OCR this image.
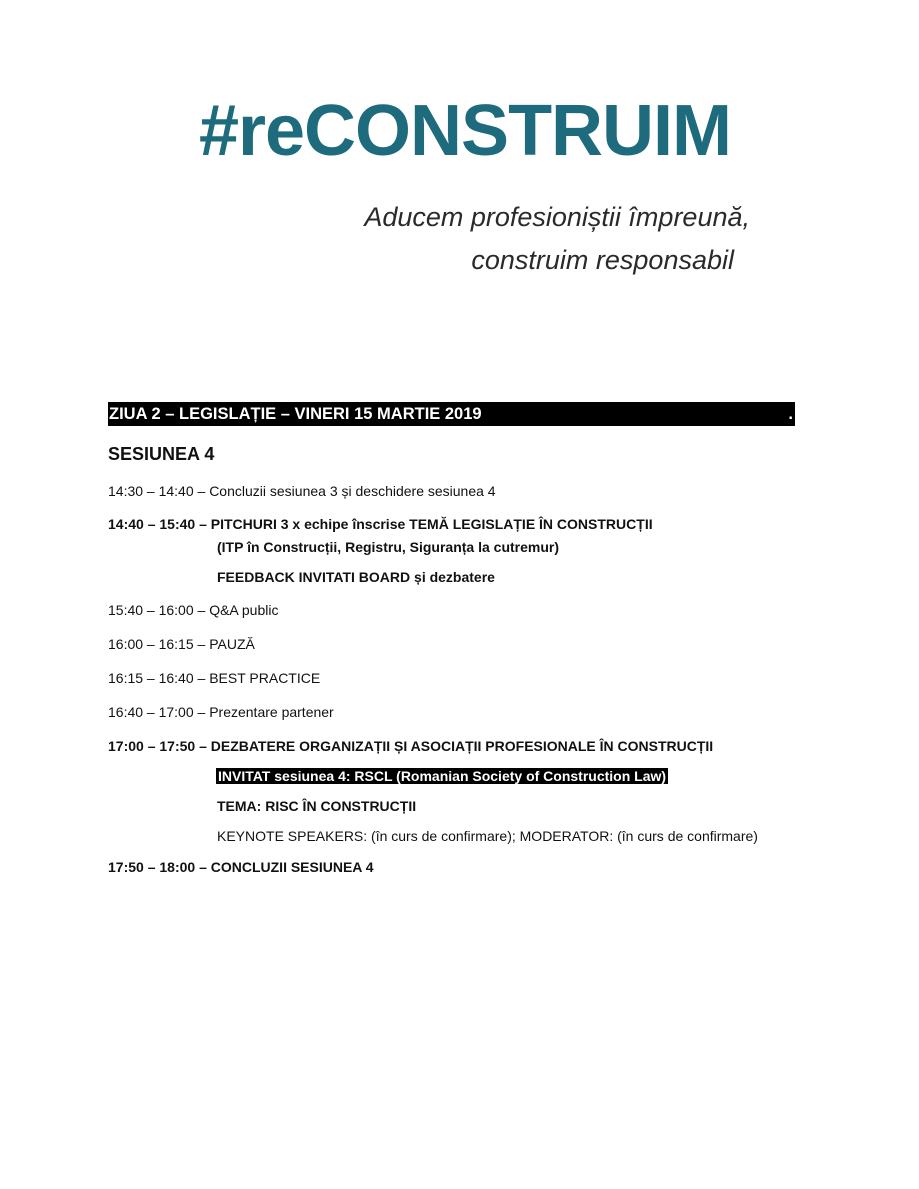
#reCONSTRUIM
Aducem profesioniștii împreună,
construim responsabil
ZIUA 2 – LEGISLAȚIE – VINERI 15 MARTIE 2019	.
SESIUNEA 4
14:30 – 14:40 – Concluzii sesiunea 3 și deschidere sesiunea 4
14:40 – 15:40 – PITCHURI 3 x echipe înscrise TEMĂ LEGISLAȚIE ÎN CONSTRUCȚII
(ITP în Construcții, Registru, Siguranța la cutremur)
FEEDBACK INVITATI BOARD și dezbatere
15:40 – 16:00 – Q&A public
16:00 – 16:15 – PAUZĂ
16:15 – 16:40 – BEST PRACTICE
16:40 – 17:00 – Prezentare partener
17:00 – 17:50 – DEZBATERE ORGANIZAȚII ȘI ASOCIAȚII PROFESIONALE ÎN CONSTRUCȚII
INVITAT sesiunea 4: RSCL (Romanian Society of Construction Law)
TEMA: RISC ÎN CONSTRUCȚII
KEYNOTE SPEAKERS: (în curs de confirmare); MODERATOR: (în curs de confirmare)
17:50 – 18:00 – CONCLUZII SESIUNEA 4
